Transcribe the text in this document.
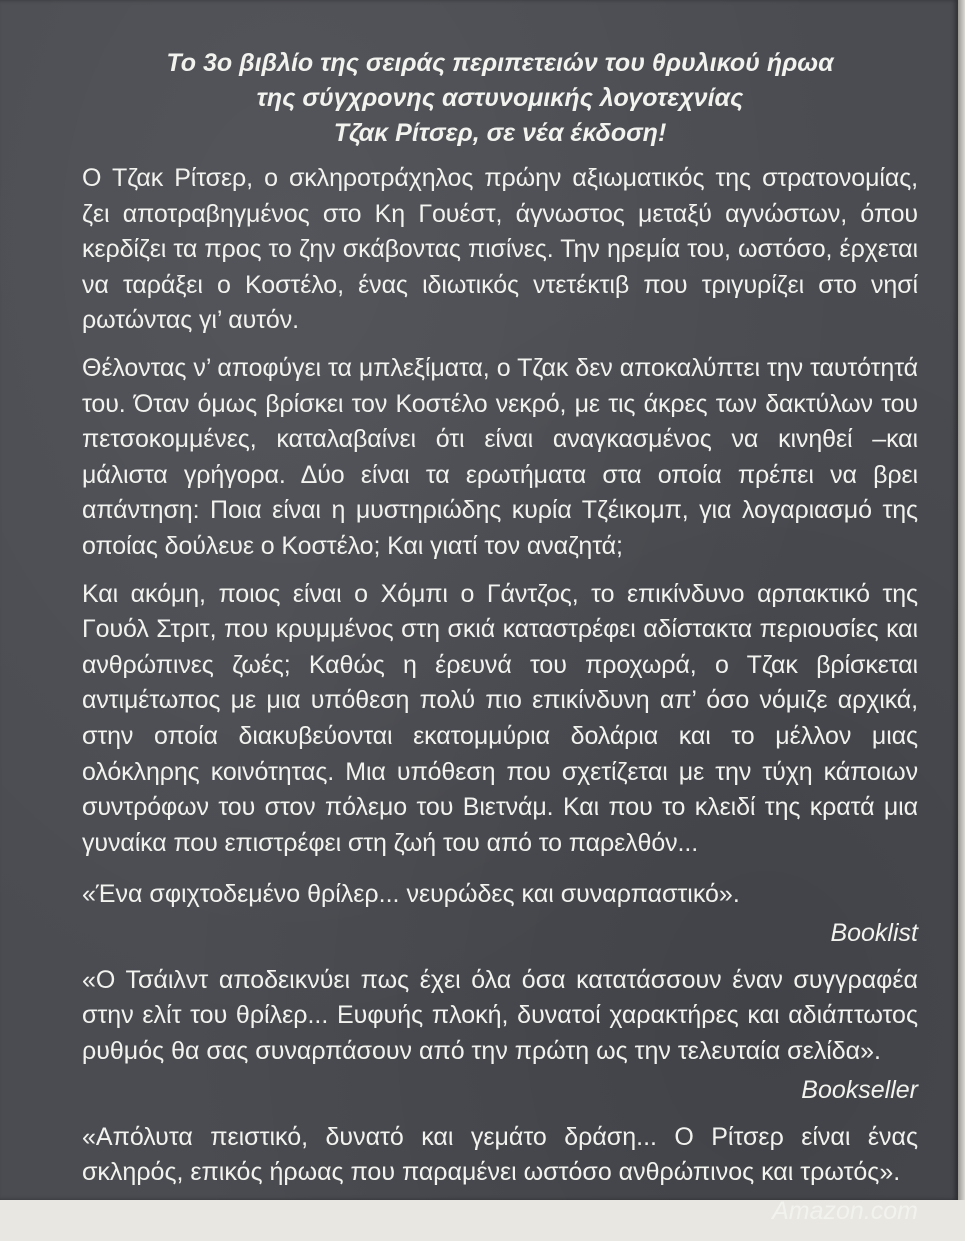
Το 3ο βιβλίο της σειράς περιπετειών του θρυλικού ήρωα
της σύγχρονης αστυνομικής λογοτεχνίας
Τζακ Ρίτσερ, σε νέα έκδοση!

Ο Τζακ Ρίτσερ, ο σκληροτράχηλος πρώην αξιωματικός της στρατονομίας, ζει αποτραβηγμένος στο Κη Γουέστ, άγνωστος μεταξύ αγνώστων, όπου κερδίζει τα προς το ζην σκάβοντας πισίνες. Την ηρεμία του, ωστόσο, έρχεται να ταράξει ο Κοστέλο, ένας ιδιωτικός ντετέκτιβ που τριγυρίζει στο νησί ρωτώντας γι’ αυτόν.

Θέλοντας ν’ αποφύγει τα μπλεξίματα, ο Τζακ δεν αποκαλύπτει την ταυτότητά του. Όταν όμως βρίσκει τον Κοστέλο νεκρό, με τις άκρες των δακτύλων του πετσοκομμένες, καταλαβαίνει ότι είναι αναγκασμένος να κινηθεί –και μάλιστα γρήγορα. Δύο είναι τα ερωτήματα στα οποία πρέπει να βρει απάντηση: Ποια είναι η μυστηριώδης κυρία Τζέικομπ, για λογαριασμό της οποίας δούλευε ο Κοστέλο; Και γιατί τον αναζητά;

Και ακόμη, ποιος είναι ο Χόμπι ο Γάντζος, το επικίνδυνο αρπακτικό της Γουόλ Στριτ, που κρυμμένος στη σκιά καταστρέφει αδίστακτα περιουσίες και ανθρώπινες ζωές; Καθώς η έρευνά του προχωρά, ο Τζακ βρίσκεται αντιμέτωπος με μια υπόθεση πολύ πιο επικίνδυνη απ’ όσο νόμιζε αρχικά, στην οποία διακυβεύονται εκατομμύρια δολάρια και το μέλλον μιας ολόκληρης κοινότητας. Μια υπόθεση που σχετίζεται με την τύχη κάποιων συντρόφων του στον πόλεμο του Βιετνάμ. Και που το κλειδί της κρατά μια γυναίκα που επιστρέφει στη ζωή του από το παρελθόν...

«Ένα σφιχτοδεμένο θρίλερ... νευρώδες και συναρπαστικό».

Booklist

«Ο Τσάιλντ αποδεικνύει πως έχει όλα όσα κατατάσσουν έναν συγγραφέα στην ελίτ του θρίλερ... Ευφυής πλοκή, δυνατοί χαρακτήρες και αδιάπτωτος ρυθμός θα σας συναρπάσουν από την πρώτη ως την τελευταία σελίδα».

Bookseller

«Απόλυτα πειστικό, δυνατό και γεμάτο δράση... Ο Ρίτσερ είναι ένας σκληρός, επικός ήρωας που παραμένει ωστόσο ανθρώπινος και τρωτός».

Amazon.com
